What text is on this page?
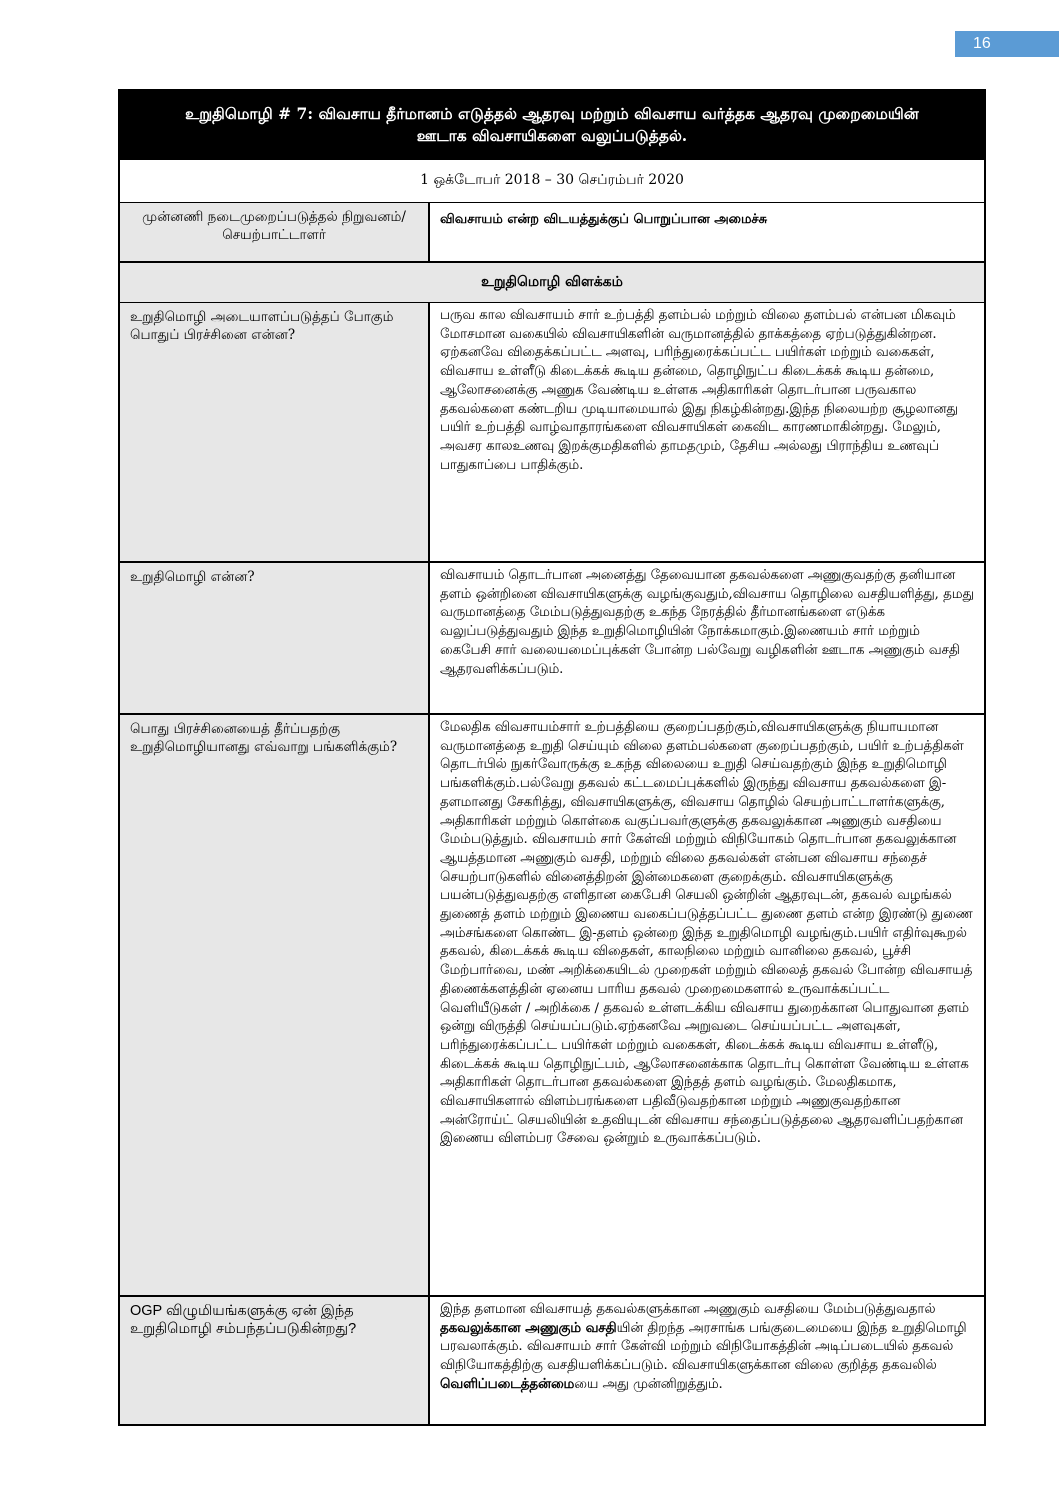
16
உறுதிமொழி # 7: விவசாய தீர்மானம் எடுத்தல் ஆதரவு மற்றும் விவசாய வர்த்தக ஆதரவு முறைமையின் ஊடாக விவசாயிகளை வலுப்படுத்தல்.
1 ஒக்டோபர் 2018 – 30 செப்ரம்பர் 2020
முன்னணி நடைமுறைப்படுத்தல் நிறுவனம்/செயற்பாட்டாளர்
விவசாயம் என்ற விடயத்துக்குப் பொறுப்பான அமைச்சு
உறுதிமொழி விளக்கம்
உறுதிமொழி அடையாளப்படுத்தப் போகும் பொதுப் பிரச்சினை என்ன?

பருவ கால விவசாயம் சார் உற்பத்தி தளம்பல் மற்றும் விலை தளம்பல் என்பன மிகவும் மோசமான வகையில் விவசாயிகளின் வருமானத்தில் தாக்கத்தை ஏற்படுத்துகின்றன. ஏற்கனவே விதைக்கப்பட்ட அளவு, பரிந்துரைக்கப்பட்ட பயிர்கள் மற்றும் வகைகள், விவசாய உள்ளீடு கிடைக்கக் கூடிய தன்மை, தொழிநுட்ப கிடைக்கக் கூடிய தன்மை, ஆலோசனைக்கு அணுக வேண்டிய உள்ளக அதிகாரிகள் தொடர்பான பருவகால தகவல்களை கண்டறிய முடியாமையால் இது நிகழ்கின்றது.இந்த நிலையற்ற சூழலானது பயிர் உற்பத்தி வாழ்வாதாரங்களை விவசாயிகள் கைவிட காரணமாகின்றது. மேலும், அவசர காலஉணவு இறக்குமதிகளில் தாமதமும், தேசிய அல்லது பிராந்திய உணவுப் பாதுகாப்பை பாதிக்கும்.

உறுதிமொழி என்ன?	விவசாயம் தொடர்பான அனைத்து தேவையான தகவல்களை அணுகுவதற்கு தனியான தளம் ஒன்றினை விவசாயிகளுக்கு வழங்குவதும்,விவசாய தொழிலை வசதியளித்து, தமது வருமானத்தை மேம்படுத்துவதற்கு உகந்த நேரத்தில் தீர்மானங்களை எடுக்க வலுப்படுத்துவதும் இந்த உறுதிமொழியின் நோக்கமாகும்.இணையம் சார் மற்றும் கைபேசி சார் வலையமைப்புக்கள் போன்ற பல்வேறு வழிகளின் ஊடாக அணுகும் வசதி ஆதரவளிக்கப்படும்.

பொது பிரச்சினையைத் தீர்ப்பதற்கு உறுதிமொழியானது எவ்வாறு பங்களிக்கும்?

மேலதிக விவசாயம்சார் உற்பத்தியை குறைப்பதற்கும்,விவசாயிகளுக்கு நியாயமான வருமானத்தை உறுதி செய்யும் விலை தளம்பல்களை குறைப்பதற்கும், பயிர் உற்பத்திகள் தொடர்பில் நுகர்வோருக்கு உகந்த விலையை உறுதி செய்வதற்கும் இந்த உறுதிமொழி பங்களிக்கும்.பல்வேறு தகவல் கட்டமைப்புக்களில் இருந்து விவசாய தகவல்களை இ-தளமானது சேகரித்து, விவசாயிகளுக்கு, விவசாய தொழில் செயற்பாட்டாளர்களுக்கு, அதிகாரிகள் மற்றும் கொள்கை வகுப்பவர்குளுக்கு தகவலுக்கான அணுகும் வசதியை மேம்படுத்தும். விவசாயம் சார் கேள்வி மற்றும் விநியோகம் தொடர்பான தகவலுக்கான ஆயத்தமான அணுகும் வசதி, மற்றும் விலை தகவல்கள் என்பன விவசாய சந்தைச் செயற்பாடுகளில் வினைத்திறன் இன்மைகளை குறைக்கும். விவசாயிகளுக்கு பயன்படுத்துவதற்கு எளிதான கைபேசி செயலி ஒன்றின் ஆதரவுடன், தகவல் வழங்கல் துணைத் தளம் மற்றும் இணைய வகைப்படுத்தப்பட்ட துணை தளம் என்ற இரண்டு துணை அம்சங்களை கொண்ட இ-தளம் ஒன்றை இந்த உறுதிமொழி வழங்கும்.பயிர் எதிர்வுகூறல் தகவல், கிடைக்கக் கூடிய விதைகள், காலநிலை மற்றும் வானிலை தகவல், பூச்சி மேற்பார்வை, மண் அறிக்கையிடல் முறைகள் மற்றும் விலைத் தகவல் போன்ற விவசாயத் திணைக்களத்தின் ஏனைய பாரிய தகவல் முறைமைகளால் உருவாக்கப்பட்ட வெளியீடுகள் / அறிக்கை / தகவல் உள்ளடக்கிய விவசாய துறைக்கான பொதுவான தளம் ஒன்று விருத்தி செய்யப்படும்.ஏற்கனவே அறுவடை செய்யப்பட்ட அளவுகள், பரிந்துரைக்கப்பட்ட பயிர்கள் மற்றும் வகைகள், கிடைக்கக் கூடிய விவசாய உள்ளீடு, கிடைக்கக் கூடிய தொழிநுட்பம், ஆலோசனைக்காக தொடர்பு கொள்ள வேண்டிய உள்ளக அதிகாரிகள் தொடர்பான தகவல்களை இந்தத் தளம் வழங்கும். மேலதிகமாக, விவசாயிகளால் விளம்பரங்களை பதிவீடுவதற்கான மற்றும் அணுகுவதற்கான அன்ரோய்ட் செயலியின் உதவியுடன் விவசாய சந்தைப்படுத்தலை ஆதரவளிப்பதற்கான இணைய விளம்பர சேவை ஒன்றும் உருவாக்கப்படும்.

OGP விழுமியங்களுக்கு ஏன் இந்த உறுதிமொழி சம்பந்தப்படுகின்றது?

இந்த தளமான விவசாயத் தகவல்களுக்கான அணுகும் வசதியை மேம்படுத்துவதால் தகவலுக்கான அணுகும் வசதியின் திறந்த அரசாங்க பங்குடைமையை இந்த உறுதிமொழி பரவலாக்கும். விவசாயம் சார் கேள்வி மற்றும் விநியோகத்தின் அடிப்படையில் தகவல் விநியோகத்திற்கு வசதியளிக்கப்படும். விவசாயிகளுக்கான விலை குறித்த தகவலில் வெளிப்படைத்தன்மையை அது முன்னிறுத்தும்.
